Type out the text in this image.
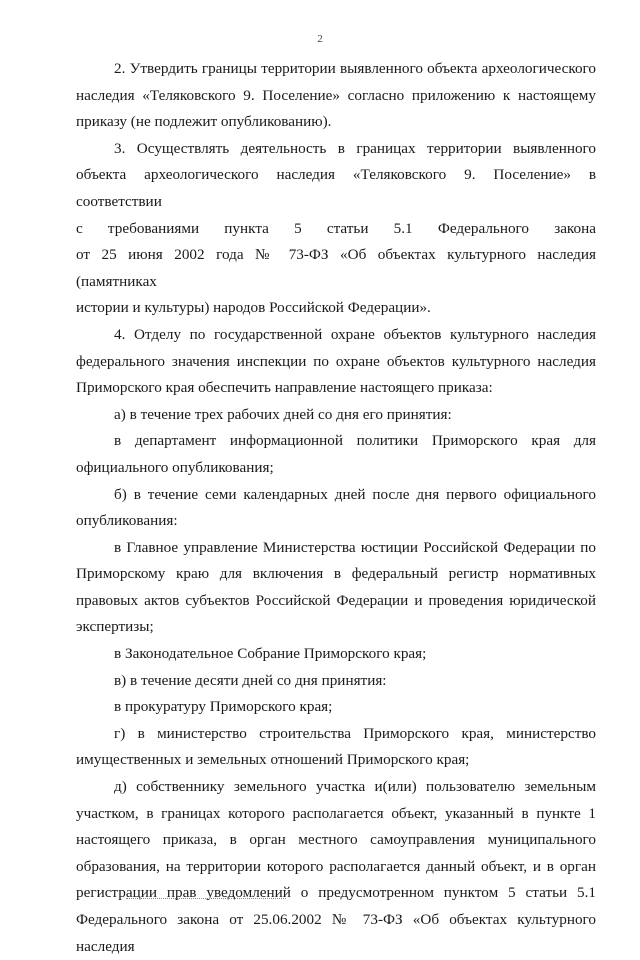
2
2. Утвердить границы территории выявленного объекта археологического
наследия «Теляковского 9. Поселение» согласно приложению к настоящему
приказу (не подлежит опубликованию).
3. Осуществлять деятельность в границах территории выявленного
объекта археологического наследия «Теляковского 9. Поселение» в соответствии
с требованиями пункта 5 статьи 5.1 Федерального закона
от 25 июня 2002 года № 73-ФЗ «Об объектах культурного наследия (памятниках
истории и культуры) народов Российской Федерации».
4. Отделу по государственной охране объектов культурного наследия
федерального значения инспекции по охране объектов культурного наследия
Приморского края обеспечить направление настоящего приказа:
а) в течение трех рабочих дней со дня его принятия:
в департамент информационной политики Приморского края для
официального опубликования;
б) в течение семи календарных дней после дня первого официального
опубликования:
в Главное управление Министерства юстиции Российской Федерации по
Приморскому краю для включения в федеральный регистр нормативных
правовых актов субъектов Российской Федерации и проведения юридической
экспертизы;
в Законодательное Собрание Приморского края;
в) в течение десяти дней со дня принятия:
в прокуратуру Приморского края;
г) в министерство строительства Приморского края, министерство
имущественных и земельных отношений Приморского края;
д) собственнику земельного участка и(или) пользователю земельным
участком, в границах которого располагается объект, указанный в пункте 1
настоящего приказа, в орган местного самоуправления муниципального
образования, на территории которого располагается данный объект, и в орган
регистрации прав уведомлений о предусмотренном пунктом 5 статьи 5.1
Федерального закона от 25.06.2002 № 73-ФЗ «Об объектах культурного наследия
